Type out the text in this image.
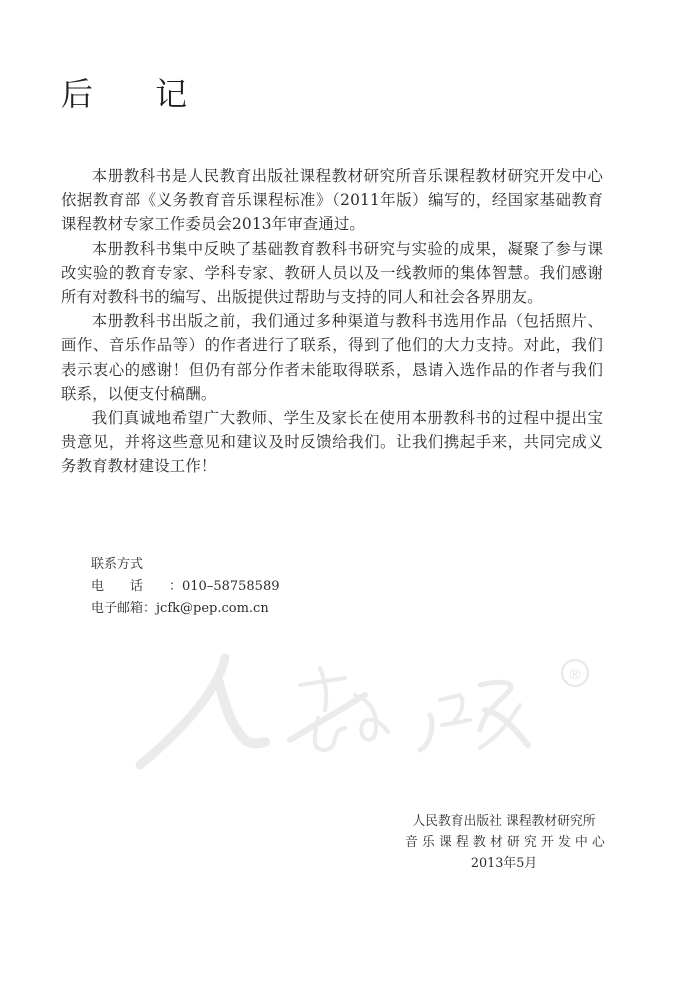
后 记

本册教科书是人民教育出版社课程教材研究所音乐课程教材研究开发中心依据教育部《义务教育音乐课程标准》（2011年版）编写的，经国家基础教育课程教材专家工作委员会2013年审查通过。

本册教科书集中反映了基础教育教科书研究与实验的成果，凝聚了参与课改实验的教育专家、学科专家、教研人员以及一线教师的集体智慧。我们感谢所有对教科书的编写、出版提供过帮助与支持的同人和社会各界朋友。

本册教科书出版之前，我们通过多种渠道与教科书选用作品（包括照片、画作、音乐作品等）的作者进行了联系，得到了他们的大力支持。对此，我们表示衷心的感谢！但仍有部分作者未能取得联系，恳请入选作品的作者与我们联系，以便支付稿酬。

我们真诚地希望广大教师、学生及家长在使用本册教科书的过程中提出宝贵意见，并将这些意见和建议及时反馈给我们。让我们携起手来，共同完成义务教育教材建设工作！

联系方式
电话：010–58758589
电子邮箱：jcfk@pep.com.cn
®
人民教育出版社 课程教材研究所
音乐课程教材研究开发中心
2013年5月
